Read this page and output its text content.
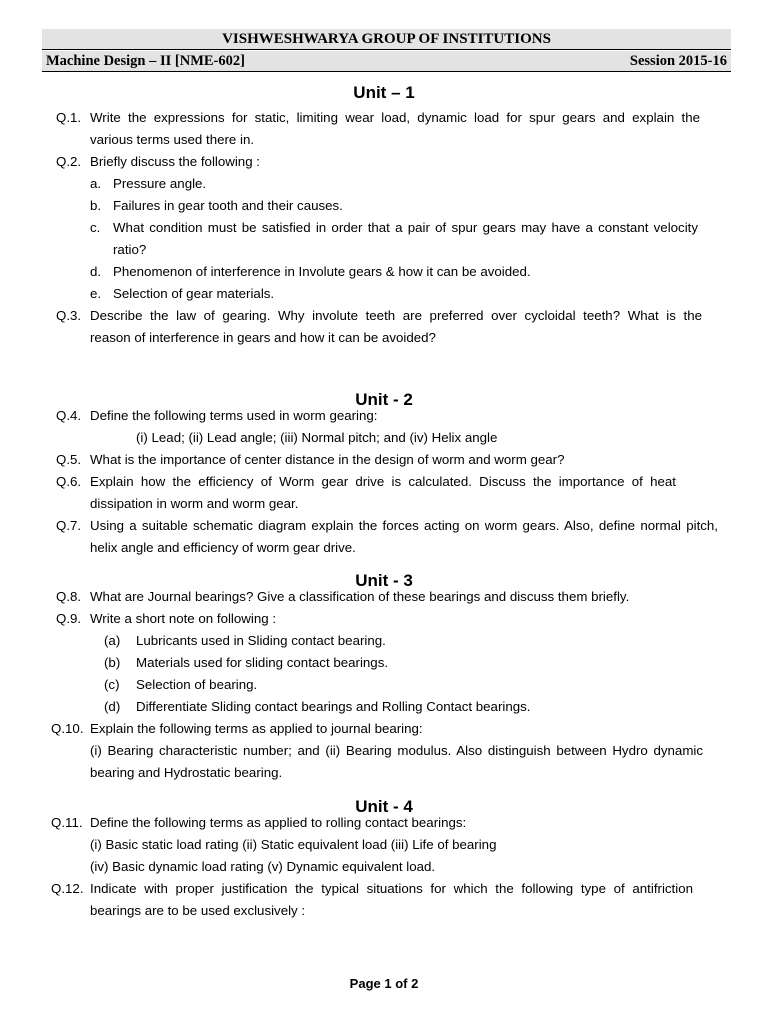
VISHWESHWARYA GROUP OF INSTITUTIONS
Machine Design – II [NME-602]	Session 2015-16
Unit – 1
Q.1. Write the expressions for static, limiting wear load, dynamic load for spur gears and explain the
various terms used there in.
Q.2. Briefly discuss the following :
a. Pressure angle.
b. Failures in gear tooth and their causes.
c. What condition must be satisfied in order that a pair of spur gears may have a constant velocity
ratio?
d. Phenomenon of interference in Involute gears & how it can be avoided.
e. Selection of gear materials.
Q.3. Describe the law of gearing. Why involute teeth are preferred over cycloidal teeth? What is the
reason of interference in gears and how it can be avoided?
Unit - 2
Q.4. Define the following terms used in worm gearing:
(i) Lead; (ii) Lead angle; (iii) Normal pitch; and (iv) Helix angle
Q.5. What is the importance of center distance in the design of worm and worm gear?
Q.6. Explain how the efficiency of Worm gear drive is calculated. Discuss the importance of heat
dissipation in worm and worm gear.
Q.7. Using a suitable schematic diagram explain the forces acting on worm gears. Also, define normal pitch,
helix angle and efficiency of worm gear drive.
Unit - 3
Q.8. What are Journal bearings? Give a classification of these bearings and discuss them briefly.
Q.9. Write a short note on following :
(a) Lubricants used in Sliding contact bearing.
(b) Materials used for sliding contact bearings.
(c) Selection of bearing.
(d) Differentiate Sliding contact bearings and Rolling Contact bearings.
Q.10. Explain the following terms as applied to journal bearing:
(i) Bearing characteristic number; and (ii) Bearing modulus. Also distinguish between Hydro dynamic
bearing and Hydrostatic bearing.
Unit - 4
Q.11. Define the following terms as applied to rolling contact bearings:
(i) Basic static load rating (ii) Static equivalent load (iii) Life of bearing
(iv) Basic dynamic load rating (v) Dynamic equivalent load.
Q.12. Indicate with proper justification the typical situations for which the following type of antifriction
bearings are to be used exclusively :
Page 1 of 2
